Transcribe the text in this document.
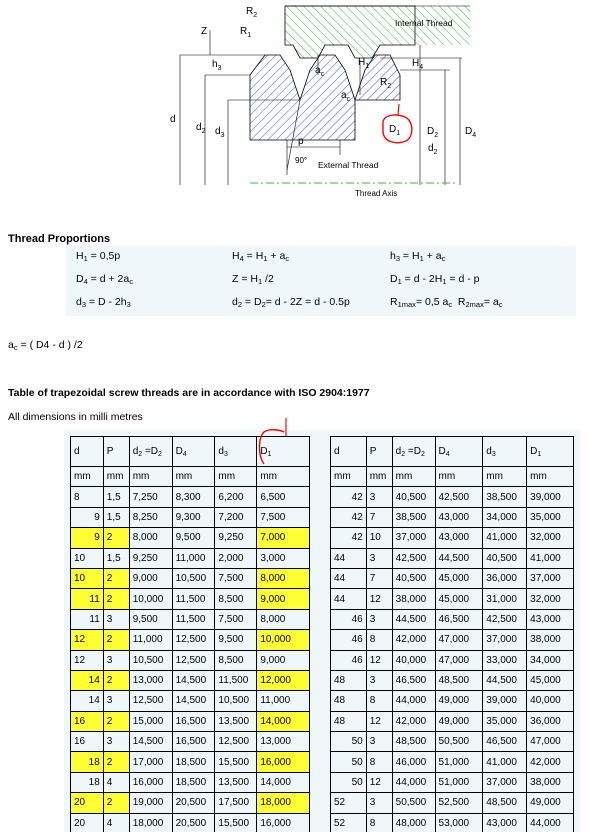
$R_2$
Z	$R_1$
Internal Thread
$h_3$	$a_c$
$H_1$	$H_4$
$a_c$
$R_2$
d
$d_2$ $d_3$
$D_1$	$D_2$	$D_4$
$d_2$
p
90° External Thread
Thread Axis
Thread Proportions
$H_1 = 0,5p$	$H_4 = H_1 + a_c$	$h_3 = H_1 + a_c$
$D_4 = d + 2a_c$	$Z = H_1$ /2	$D_1 = d - 2H_1 = d - p$
$d_3 = D - 2h_3$	$d_2 = D_2= d - 2Z = d - 0.5p$	$R_{1max}= 0,5$ $a_c$  $R_{2max}= a_c$
$a_c$ = ( D4 - d ) /2
Table of trapezoidal screw threads are in accordance with ISO 2904:1977
All dimensions in milli metres
d	P	$d_2 =D_2$	$D_4$	$d_3$	$D_1$
mm	mm	mm	mm	mm	mm
8	1,5	7,250	8,300	6,200	6,500
9	1,5	8,250	9,300	7,200	7,500
9	2	8,000	9,500	9,250	7,000
10	1,5	9,250	11,000	2,000	3,000
10	2	9,000	10,500	7,500	8,000
11	2	10,000	11,500	8,500	9,000
11	3	9,500	11,500	7,500	8,000
12	2	11,000	12,500	9,500	10,000
12	3	10,500	12,500	8,500	9,000
14	2	13,000	14,500	11,500	12,000
14	3	12,500	14,500	10,500	11,000
16	2	15,000	16,500	13,500	14,000
16	3	14,500	16,500	12,500	13,000
18	2	17,000	18,500	15,500	16,000
18	4	16,000	18,500	13,500	14,000
20	2	19,000	20,500	17,500	18,000
20	4	18,000	20,500	15,500	16,000
d	P	$d_2 =D_2$	$D_4$	$d_3$	$D_1$
mm	mm	mm	mm	mm	mm
42	3	40,500	42,500	38,500	39,000
42	7	38,500	43,000	34,000	35,000
42	10	37,000	43,000	41,000	32,000
44	3	42,500	44,500	40,500	41,000
44	7	40,500	45,000	36,000	37,000
44	12	38,000	45,000	31,000	32,000
46	3	44,500	46,500	42,500	43,000
46	8	42,000	47,000	37,000	38,000
46	12	40,000	47,000	33,000	34,000
48	3	46,500	48,500	44,500	45,000
48	8	44,000	49,000	39,000	40,000
48	12	42,000	49,000	35,000	36,000
50	3	48,500	50,500	46,500	47,000
50	8	46,000	51,000	41,000	42,000
50	12	44,000	51,000	37,000	38,000
52	3	50,500	52,500	48,500	49,000
52	8	48,000	53,000	43,000	44,000
